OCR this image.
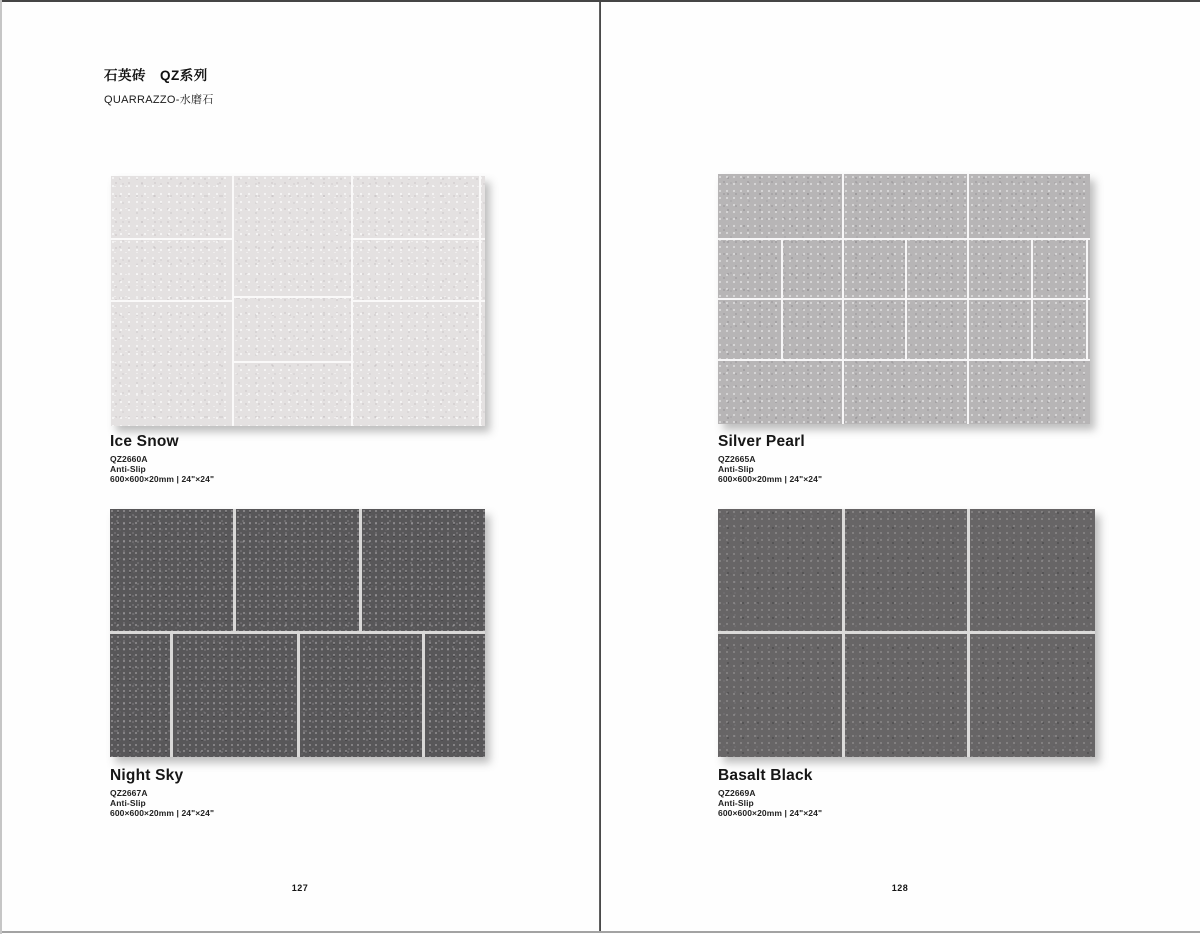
石英砖　QZ系列
QUARRAZZO-水磨石
Ice Snow
QZ2660A
Anti-Slip
600×600×20mm | 24"×24"
Night Sky
QZ2667A
Anti-Slip
600×600×20mm | 24"×24"
127
Silver Pearl
QZ2665A
Anti-Slip
600×600×20mm | 24"×24"
Basalt Black
QZ2669A
Anti-Slip
600×600×20mm | 24"×24"
128
